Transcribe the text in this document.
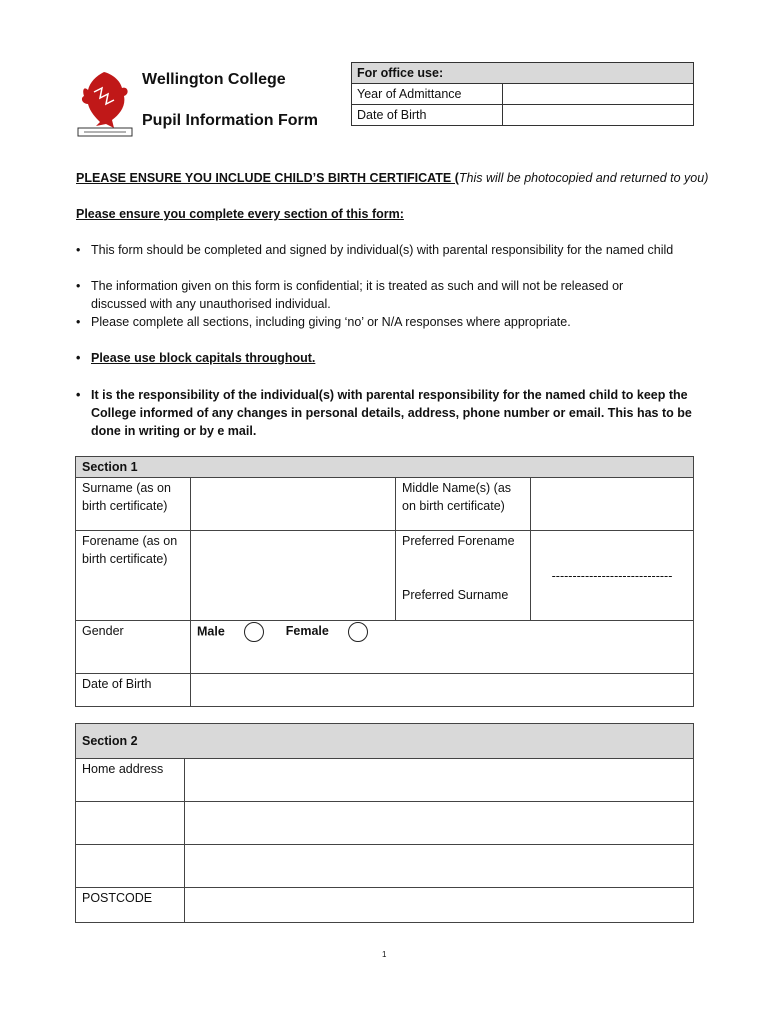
Wellington College
Pupil Information Form
For office use:	
Year of Admittance	
Date of Birth	
PLEASE ENSURE YOU INCLUDE CHILD’S BIRTH CERTIFICATE (This will be photocopied and returned to you)
Please ensure you complete every section of this form:
• This form should be completed and signed by individual(s) with parental responsibility for the named child
• The information given on this form is confidential; it is treated as such and will not be released or discussed with any unauthorised individual.
• Please complete all sections, including giving ‘no’ or N/A responses where appropriate.
• Please use block capitals throughout.
• It is the responsibility of the individual(s) with parental responsibility for the named child to keep the College informed of any changes in personal details, address, phone number or email. This has to be done in writing or by e mail.
Section 1			
Surname (as on birth certificate)		Middle Name(s) (as on birth certificate)	
Forename (as on birth certificate)		Preferred Forename
Preferred Surname	-----------------------------
Gender	Male Female		
Date of Birth			
Section 2	
Home address	

POSTCODE	
1
